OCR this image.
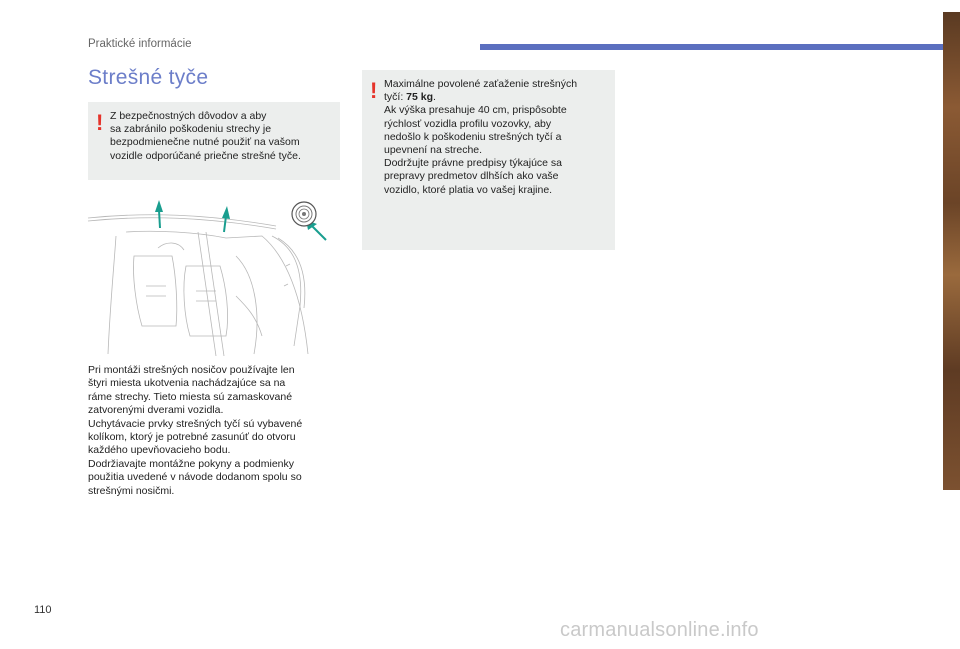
Praktické informácie
Strešné tyče
! Z bezpečnostných dôvodov a aby

sa zabránilo poškodeniu strechy je

bezpodmienečne nutné použiť na vašom

vozidle odporúčané priečne strešné tyče.

! Maximálne povolené zaťaženie strešných

tyčí: 75 kg.

Ak výška presahuje 40 cm, prispôsobte

rýchlosť vozidla profilu vozovky, aby

nedošlo k poškodeniu strešných tyčí a

upevnení na streche.

Dodržujte právne predpisy týkajúce sa

prepravy predmetov dlhších ako vaše

vozidlo, ktoré platia vo vašej krajine.

Pri montáži strešných nosičov používajte len

štyri miesta ukotvenia nachádzajúce sa na

ráme strechy. Tieto miesta sú zamaskované

zatvorenými dverami vozidla.

Uchytávacie prvky strešných tyčí sú vybavené

kolíkom, ktorý je potrebné zasunúť do otvoru

každého upevňovacieho bodu.

Dodržiavajte montážne pokyny a podmienky

použitia uvedené v návode dodanom spolu so

strešnými nosičmi.

110
carmanualsonline.info
